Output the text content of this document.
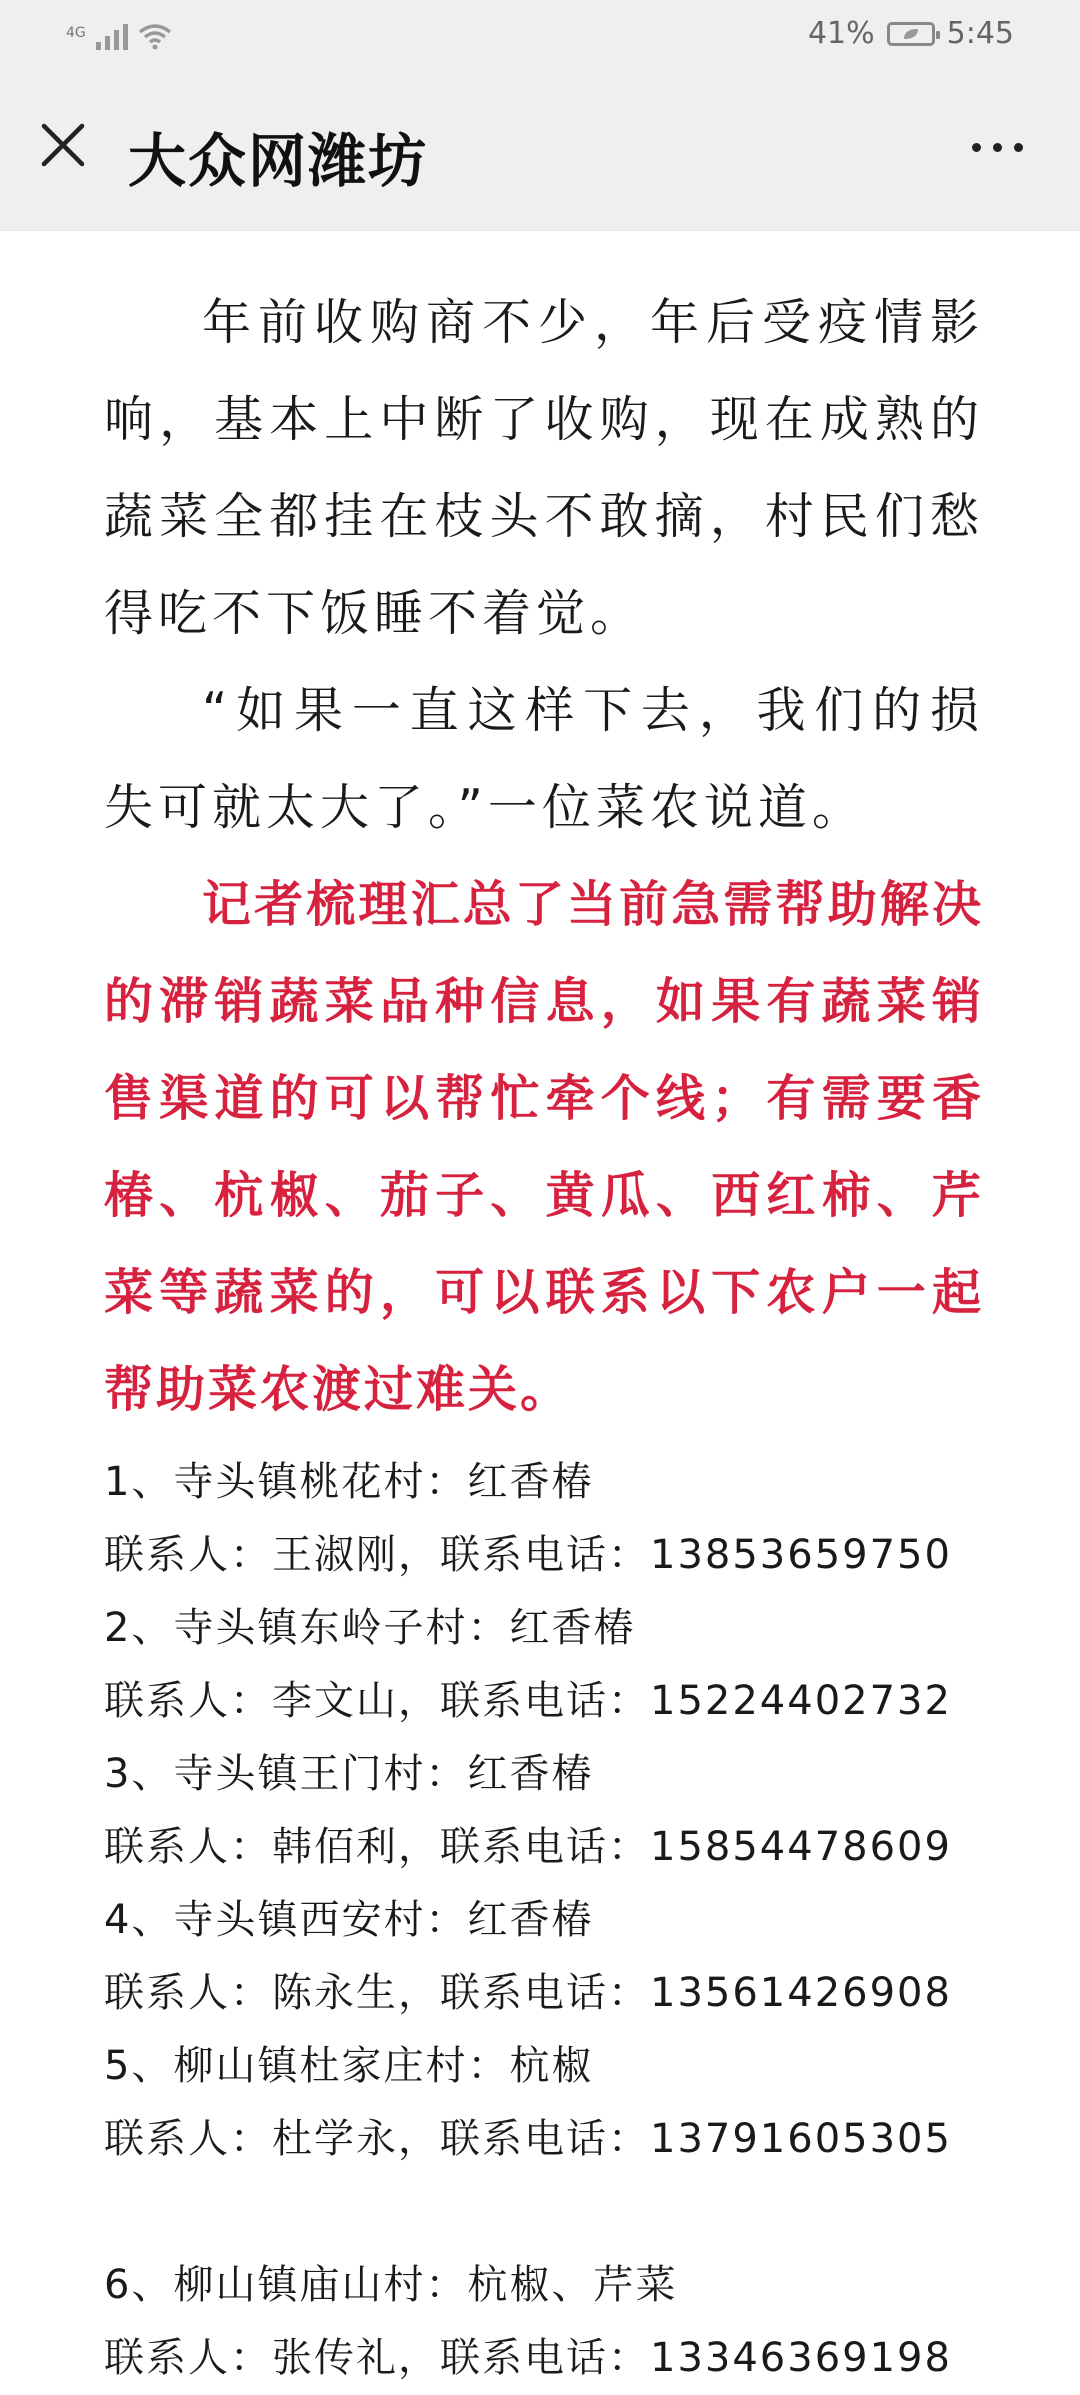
4G	41% 5:45
大众网潍坊

年前收购商不少，年后受疫情影响，基本上中断了收购，现在成熟的蔬菜全都挂在枝头不敢摘，村民们愁得吃不下饭睡不着觉。

“如果一直这样下去，我们的损失可就太大了。”一位菜农说道。

记者梳理汇总了当前急需帮助解决的滞销蔬菜品种信息，如果有蔬菜销售渠道的可以帮忙牵个线；有需要香椿、杭椒、茄子、黄瓜、西红柿、芹菜等蔬菜的，可以联系以下农户一起帮助菜农渡过难关。

1、寺头镇桃花村：红香椿
联系人：王淑刚，联系电话：13853659750
2、寺头镇东岭子村：红香椿
联系人：李文山，联系电话：15224402732
3、寺头镇王门村：红香椿
联系人：韩佰利，联系电话：15854478609
4、寺头镇西安村：红香椿
联系人：陈永生，联系电话：13561426908
5、柳山镇杜家庄村：杭椒
联系人：杜学永，联系电话：13791605305
6、柳山镇庙山村：杭椒、芹菜
联系人：张传礼，联系电话：13346369198
